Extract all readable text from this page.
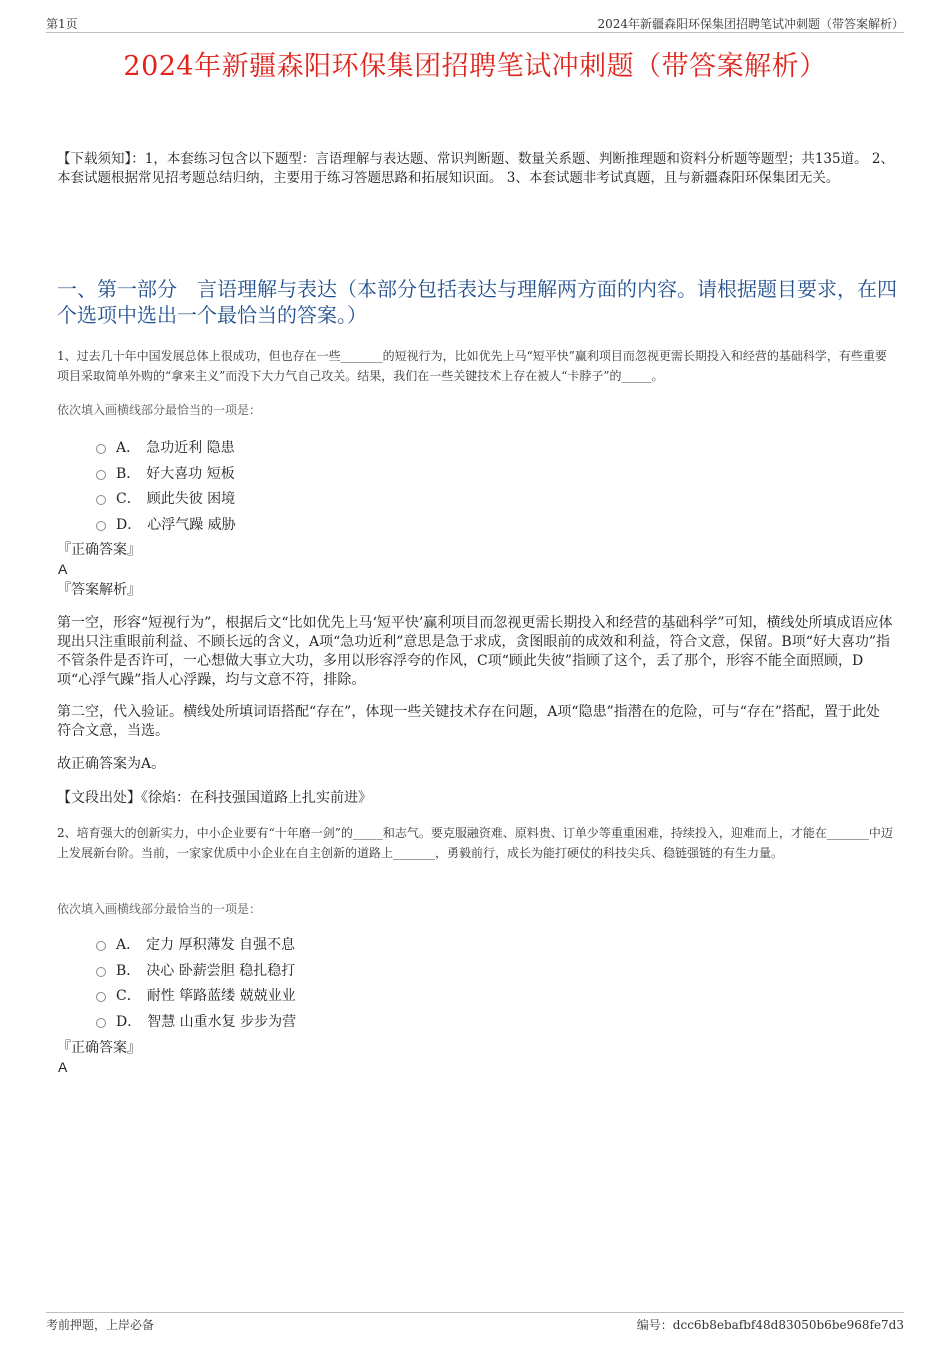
第1页	2024年新疆森阳环保集团招聘笔试冲刺题（带答案解析）
2024年新疆森阳环保集团招聘笔试冲刺题（带答案解析）
【下载须知】：1，本套练习包含以下题型：言语理解与表达题、常识判断题、数量关系题、判断推理题和资料分析题等题型；共135道。 2、本套试题根据常见招考题总结归纳，主要用于练习答题思路和拓展知识面。 3、本套试题非考试真题，且与新疆森阳环保集团无关。
一、第一部分　言语理解与表达（本部分包括表达与理解两方面的内容。请根据题目要求，在四个选项中选出一个最恰当的答案。）
1、过去几十年中国发展总体上很成功，但也存在一些_______的短视行为，比如优先上马“短平快”赢利项目而忽视更需长期投入和经营的基础科学，有些重要项目采取简单外购的“拿来主义”而没下大力气自己攻关。结果，我们在一些关键技术上存在被人“卡脖子”的_____。
依次填入画横线部分最恰当的一项是：
A． 急功近利 隐患
B． 好大喜功 短板
C． 顾此失彼 困境
D． 心浮气躁 威胁
『正确答案』
A
『答案解析』
第一空，形容“短视行为”，根据后文“比如优先上马‘短平快’赢利项目而忽视更需长期投入和经营的基础科学”可知，横线处所填成语应体现出只注重眼前利益、不顾长远的含义，A项“急功近利”意思是急于求成，贪图眼前的成效和利益，符合文意，保留。B项“好大喜功”指不管条件是否许可，一心想做大事立大功，多用以形容浮夸的作风，C项“顾此失彼”指顾了这个，丢了那个，形容不能全面照顾，D项“心浮气躁”指人心浮躁，均与文意不符，排除。
第二空，代入验证。横线处所填词语搭配“存在”，体现一些关键技术存在问题，A项“隐患”指潜在的危险，可与“存在”搭配，置于此处符合文意，当选。
故正确答案为A。
【文段出处】《徐焰：在科技强国道路上扎实前进》
2、培育强大的创新实力，中小企业要有“十年磨一剑”的_____和志气。要克服融资难、原料贵、订单少等重重困难，持续投入，迎难而上，才能在_______中迈上发展新台阶。当前，一家家优质中小企业在自主创新的道路上_______，勇毅前行，成长为能打硬仗的科技尖兵、稳链强链的有生力量。
依次填入画横线部分最恰当的一项是：
A． 定力 厚积薄发 自强不息
B． 决心 卧薪尝胆 稳扎稳打
C． 耐性 筚路蓝缕 兢兢业业
D． 智慧 山重水复 步步为营
『正确答案』
A
考前押题，上岸必备	编号：dcc6b8ebafbf48d83050b6be968fe7d3
